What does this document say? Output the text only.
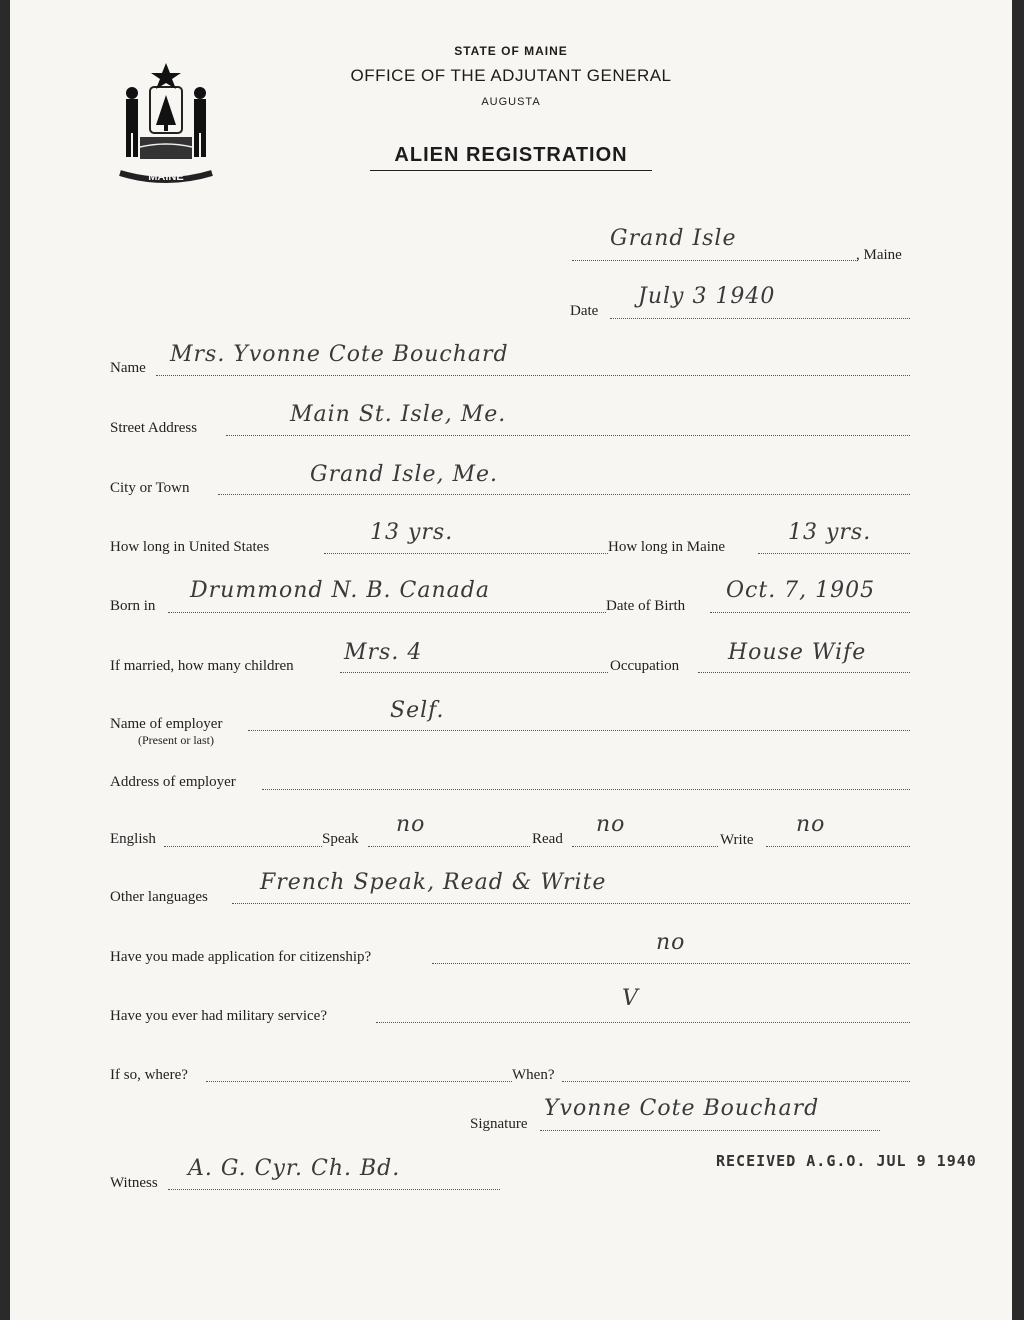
MAINE
STATE OF MAINE
OFFICE OF THE ADJUTANT GENERAL
AUGUSTA
ALIEN REGISTRATION
Grand Isle
, Maine
Date
July 3 1940
Name
Mrs. Yvonne Cote Bouchard
Street Address
Main St. Isle, Me.
City or Town
Grand Isle, Me.
How long in United States
13 yrs.
How long in Maine
13 yrs.
Born in
Drummond N. B. Canada
Date of Birth
Oct. 7, 1905
If married, how many children
Mrs. 4
Occupation
House Wife
Name of employer
(Present or last)
Self.
Address of employer
English	Speak
no
Read
no
Write
no
Other languages
French Speak, Read & Write
Have you made application for citizenship?
no
Have you ever had military service?
V
If so, where?	When?
Signature
Yvonne Cote Bouchard
RECEIVED A.G.O. JUL 9 1940
Witness
A. G. Cyr. Ch. Bd.
